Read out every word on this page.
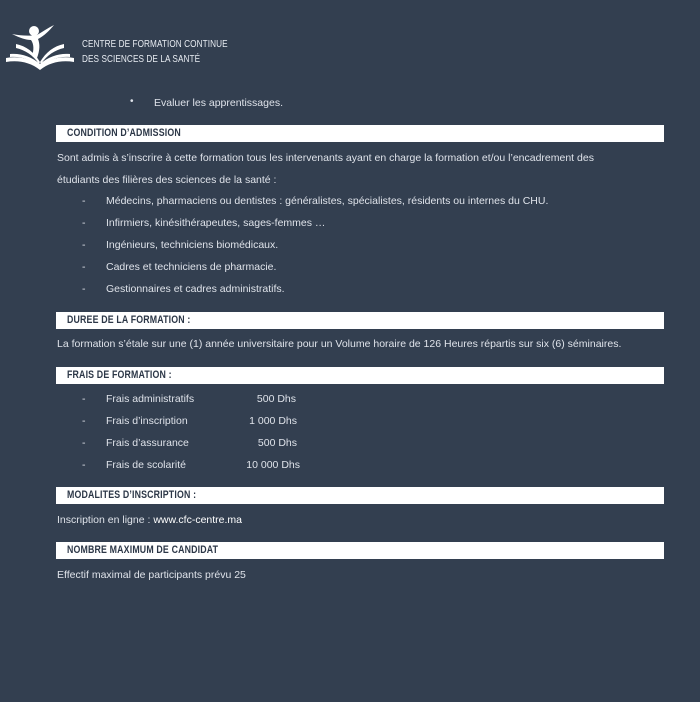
CENTRE DE FORMATION CONTINUE
DES SCIENCES DE LA SANTÉ
• Evaluer les apprentissages.
CONDITION D’ADMISSION
Sont admis à s’inscrire à cette formation tous les intervenants ayant en charge la formation et/ou l’encadrement des
étudiants des filières des sciences de la santé :
- Médecins, pharmaciens ou dentistes : généralistes, spécialistes, résidents ou internes du CHU.
- Infirmiers, kinésithérapeutes, sages-femmes …
- Ingénieurs, techniciens biomédicaux.
- Cadres et techniciens de pharmacie.
- Gestionnaires et cadres administratifs.
DUREE DE LA FORMATION :
La formation s’étale sur une (1) année universitaire pour un Volume horaire de 126 Heures répartis sur six (6) séminaires.
FRAIS DE FORMATION :
- Frais administratifs	500 Dhs
- Frais d’inscription	1 000 Dhs
- Frais d’assurance	500 Dhs
- Frais de scolarité	10 000 Dhs
MODALITES D’INSCRIPTION :
Inscription en ligne : www.cfc-centre.ma
NOMBRE MAXIMUM DE CANDIDAT
Effectif maximal de participants prévu 25
